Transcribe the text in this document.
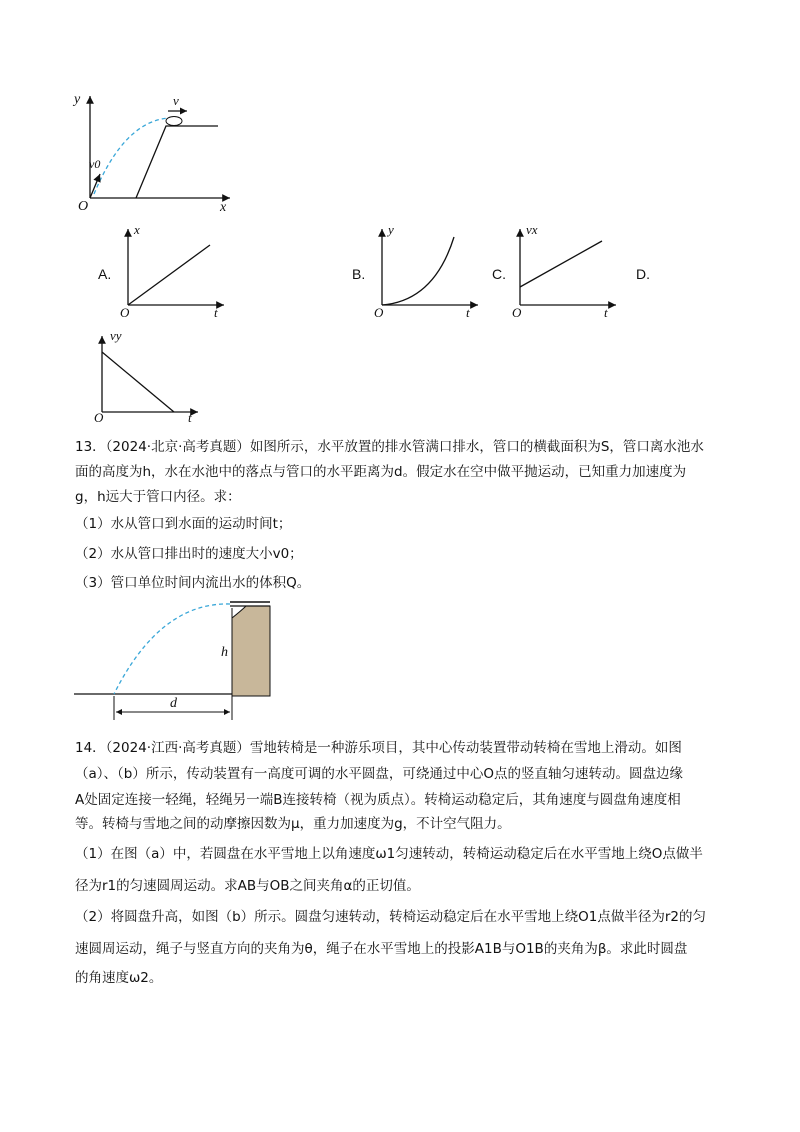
y
x
O
v
v0
A.
x
t
O
B.
y
t
O
C.
vx
t
O
D.
vy
t
O
13．（2024·北京·高考真题）如图所示，水平放置的排水管满口排水，管口的横截面积为S，管口离水池水
面的高度为h，水在水池中的落点与管口的水平距离为d。假定水在空中做平抛运动，已知重力加速度为
g，h远大于管口内径。求：
（1）水从管口到水面的运动时间t；
（2）水从管口排出时的速度大小v0；
（3）管口单位时间内流出水的体积Q。
h
d
14．（2024·江西·高考真题）雪地转椅是一种游乐项目，其中心传动装置带动转椅在雪地上滑动。如图
（a）、（b）所示，传动装置有一高度可调的水平圆盘，可绕通过中心O点的竖直轴匀速转动。圆盘边缘
A处固定连接一轻绳，轻绳另一端B连接转椅（视为质点）。转椅运动稳定后，其角速度与圆盘角速度相
等。转椅与雪地之间的动摩擦因数为μ，重力加速度为g，不计空气阻力。
（1）在图（a）中，若圆盘在水平雪地上以角速度ω1匀速转动，转椅运动稳定后在水平雪地上绕O点做半
径为r1的匀速圆周运动。求AB与OB之间夹角α的正切值。
（2）将圆盘升高，如图（b）所示。圆盘匀速转动，转椅运动稳定后在水平雪地上绕O1点做半径为r2的匀
速圆周运动，绳子与竖直方向的夹角为θ，绳子在水平雪地上的投影A1B与O1B的夹角为β。求此时圆盘
的角速度ω2。
